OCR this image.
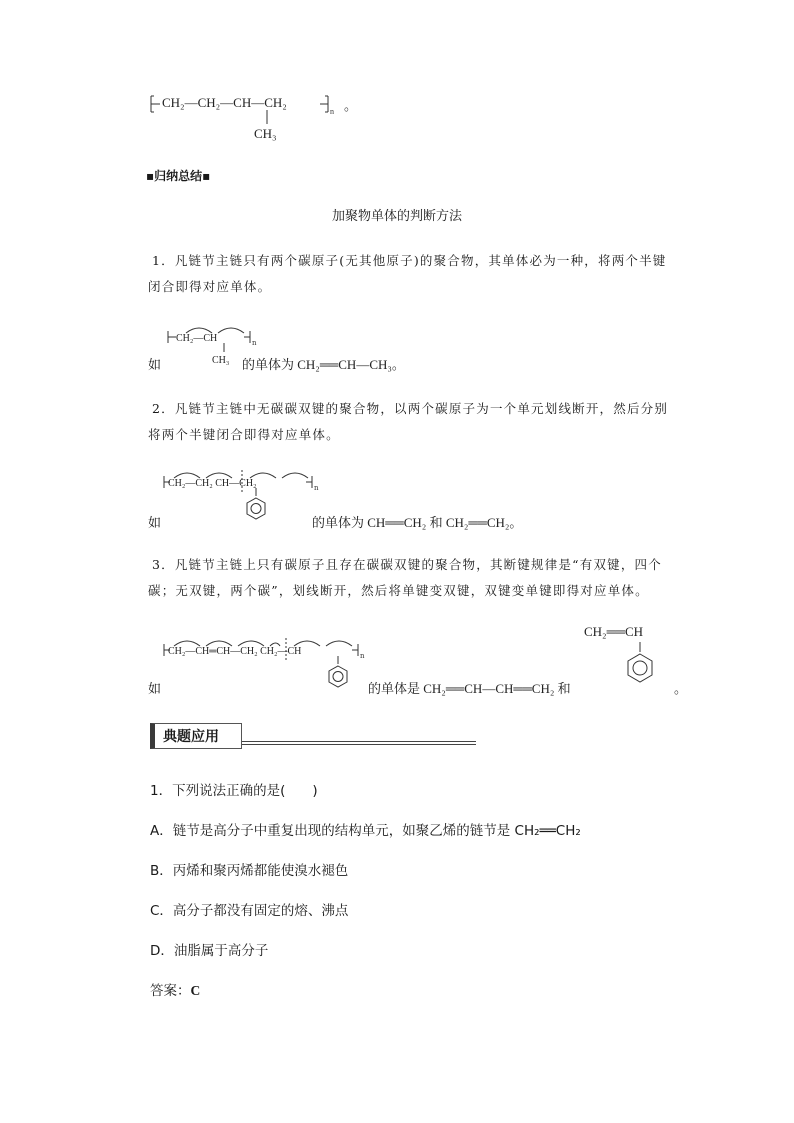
n
CH₂—CH₂—CH—CH₂
CH₃
。
▪归纳总结▪
加聚物单体的判断方法
1．凡链节主链只有两个碳原子(无其他原子)的聚合物，其单体必为一种，将两个半键
闭合即得对应单体。
n
CH₂—CH
CH₃
如	的单体为 CH₂══CH—CH₃。
2．凡链节主链中无碳碳双键的聚合物，以两个碳原子为一个单元划线断开，然后分别
将两个半键闭合即得对应单体。
n
CH₂—CH₂ CH—CH₂
如	的单体为 CH══CH₂ 和 CH₂══CH₂。
3．凡链节主链上只有碳原子且存在碳碳双键的聚合物，其断键规律是“有双键，四个
碳；无双键，两个碳”，划线断开，然后将单键变双键，双键变单键即得对应单体。
n
CH₂—CH═CH—CH₂ CH₂—CH
如	的单体是 CH₂══CH—CH══CH₂ 和
CH₂══CH
。
典题应用
1．下列说法正确的是(　　)
A．链节是高分子中重复出现的结构单元，如聚乙烯的链节是 CH₂══CH₂
B．丙烯和聚丙烯都能使溴水褪色
C．高分子都没有固定的熔、沸点
D．油脂属于高分子
答案：C
